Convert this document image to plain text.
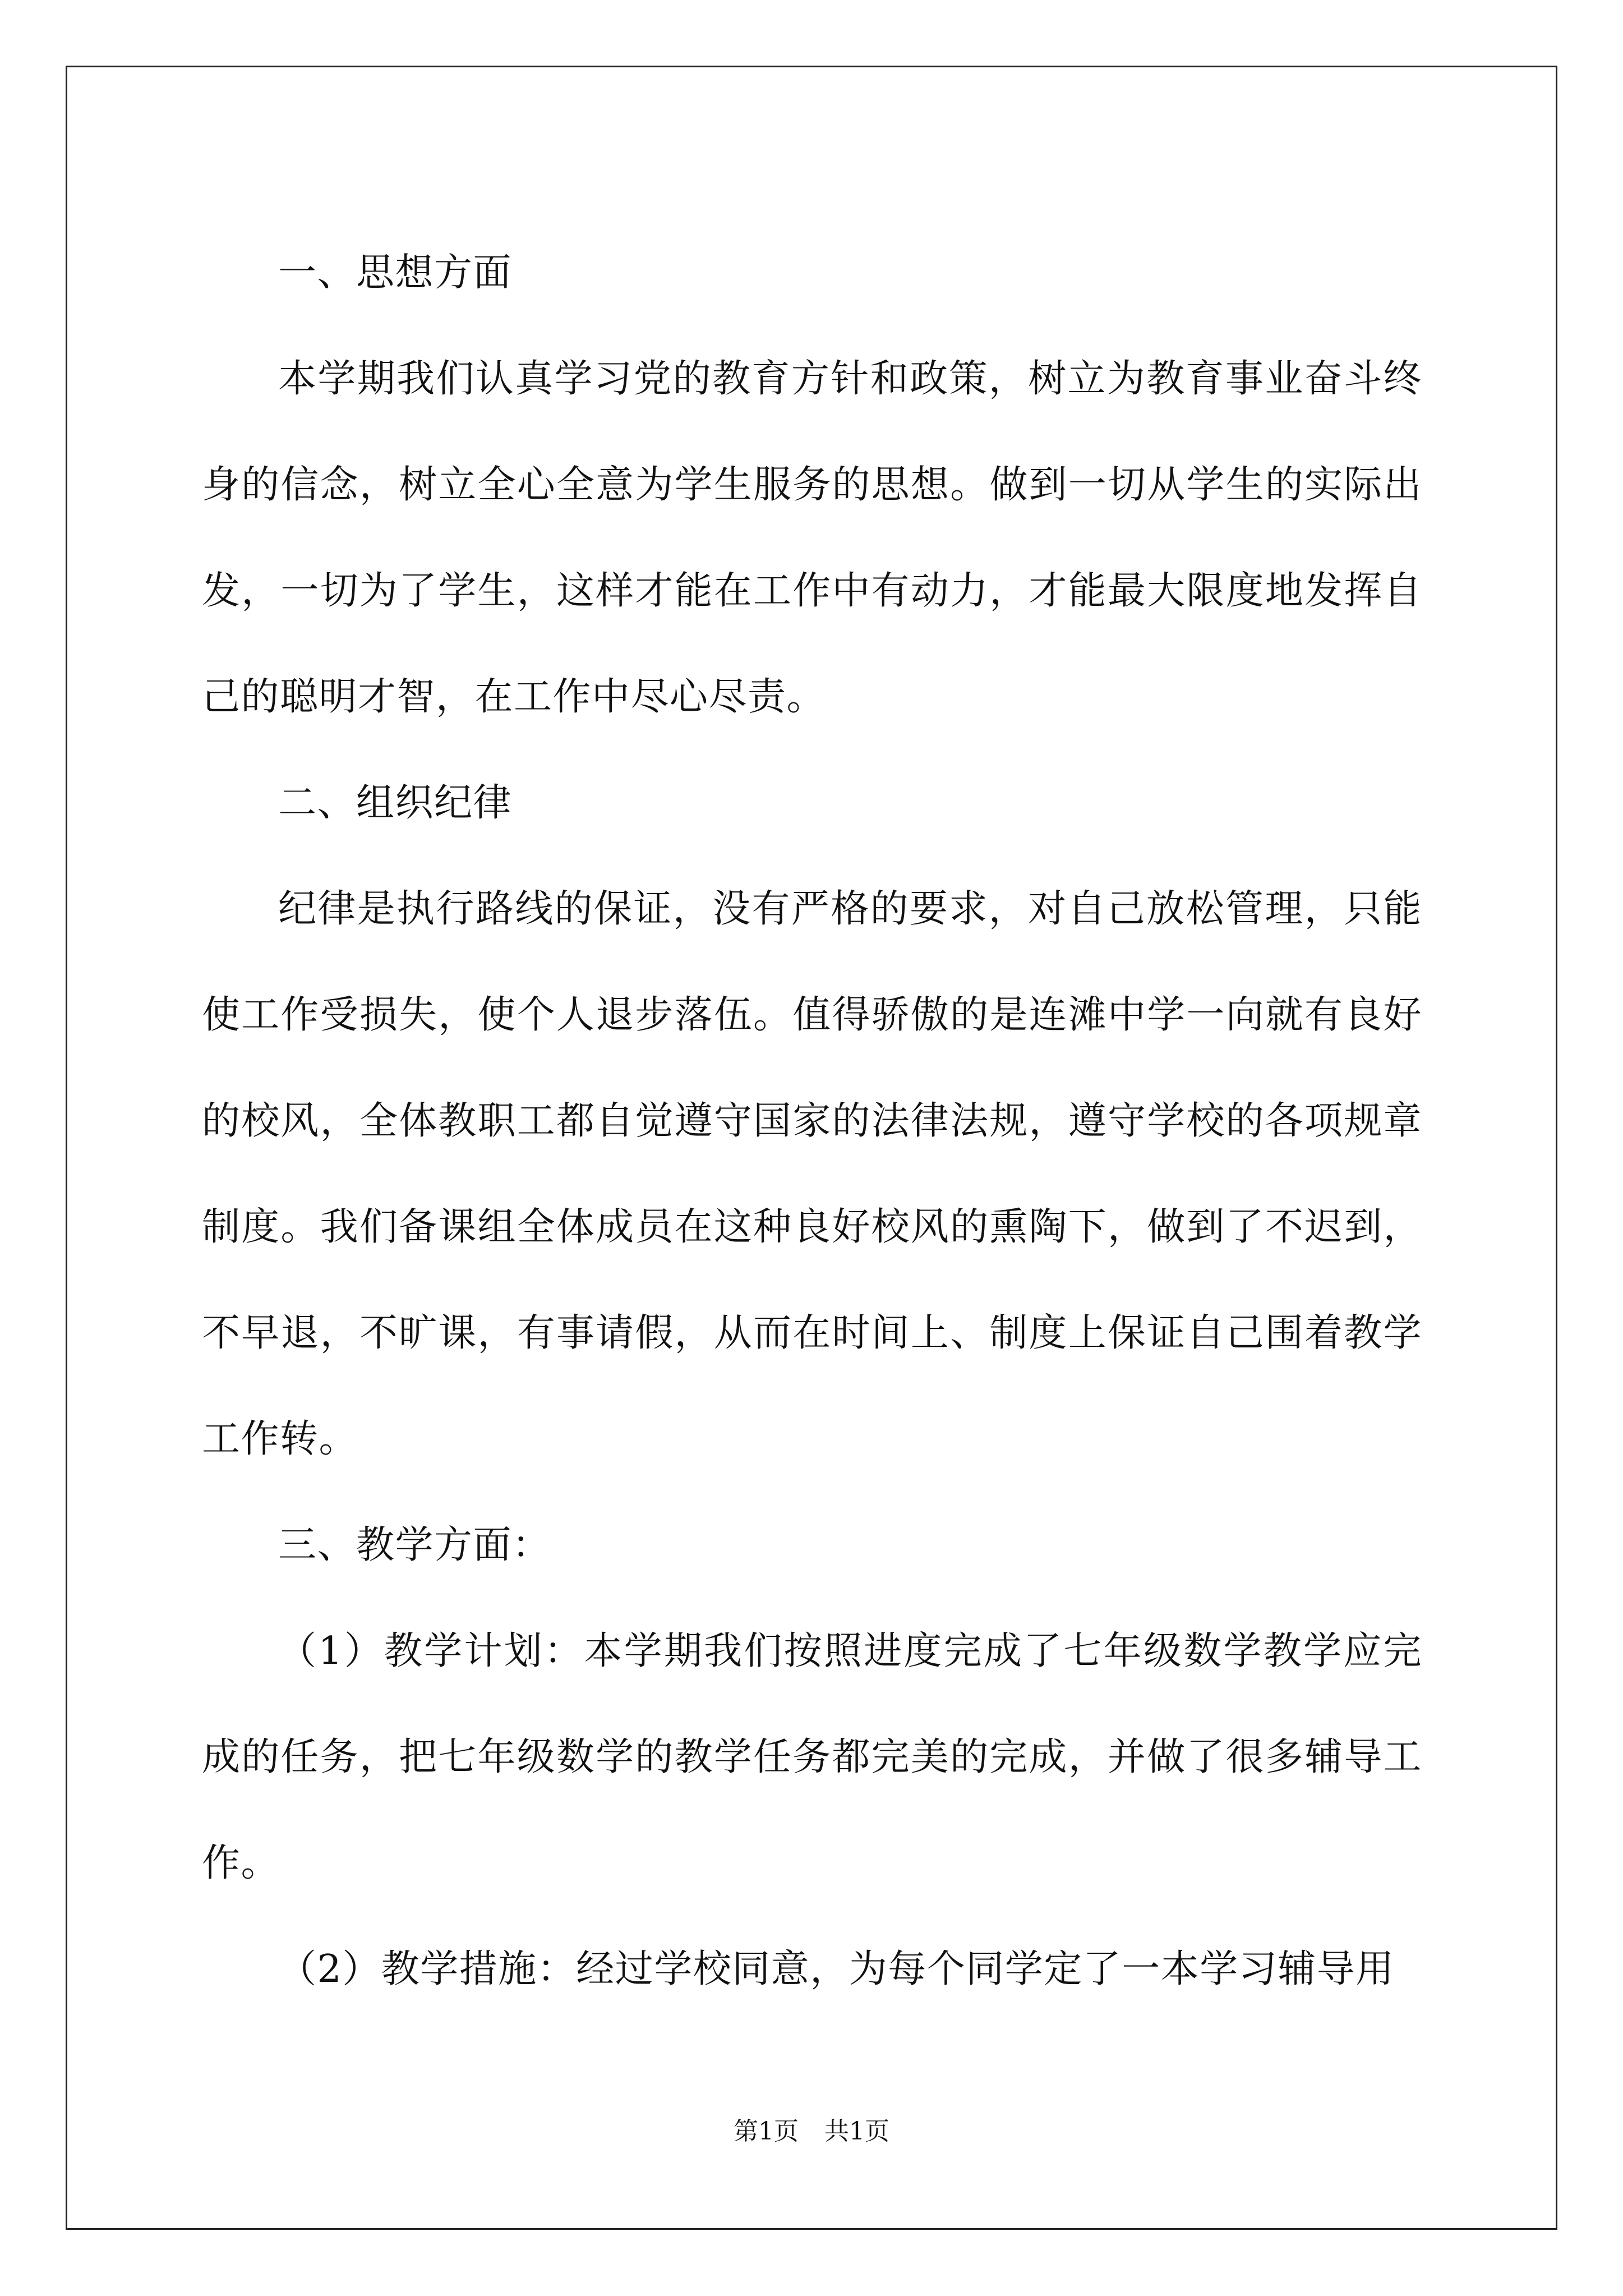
一、思想方面

本学期我们认真学习党的教育方针和政策，树立为教育事业奋斗终身的信念，树立全心全意为学生服务的思想。做到一切从学生的实际出发，一切为了学生，这样才能在工作中有动力，才能最大限度地发挥自己的聪明才智，在工作中尽心尽责。

二、组织纪律

纪律是执行路线的保证，没有严格的要求，对自己放松管理，只能使工作受损失，使个人退步落伍。值得骄傲的是连滩中学一向就有良好的校风，全体教职工都自觉遵守国家的法律法规，遵守学校的各项规章制度。我们备课组全体成员在这种良好校风的熏陶下，做到了不迟到，不早退，不旷课，有事请假，从而在时间上、制度上保证自己围着教学工作转。

三、教学方面：

（1）教学计划：本学期我们按照进度完成了七年级数学教学应完成的任务，把七年级数学的教学任务都完美的完成，并做了很多辅导工作。

（2）教学措施：经过学校同意，为每个同学定了一本学习辅导用

第1页 共1页
